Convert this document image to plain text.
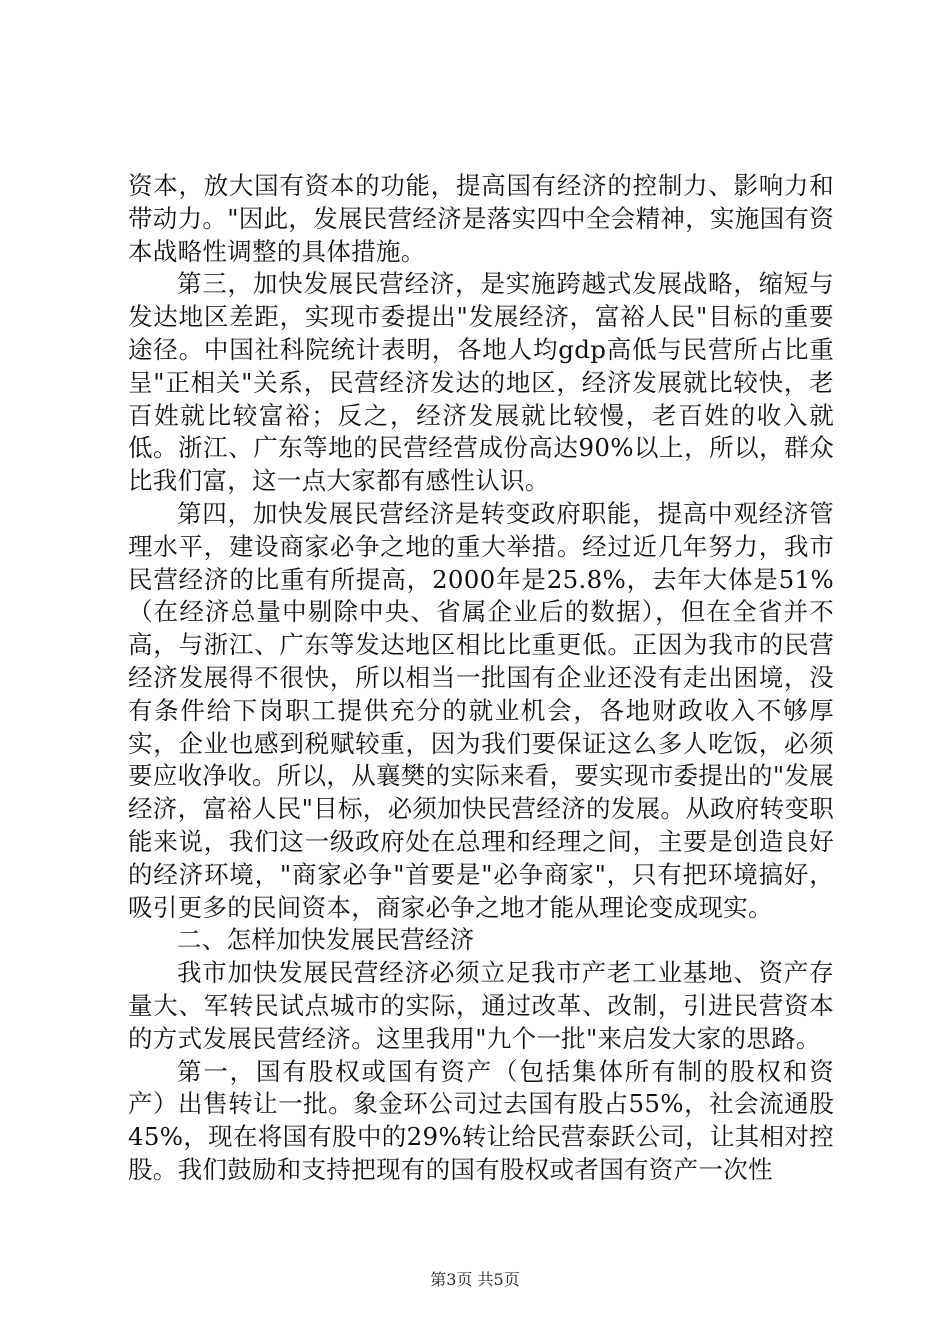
资本，放大国有资本的功能，提高国有经济的控制力、影响力和带动力。"因此，发展民营经济是落实四中全会精神，实施国有资本战略性调整的具体措施。

第三，加快发展民营经济，是实施跨越式发展战略，缩短与发达地区差距，实现市委提出"发展经济，富裕人民"目标的重要途径。中国社科院统计表明，各地人均gdp高低与民营所占比重呈"正相关"关系，民营经济发达的地区，经济发展就比较快，老百姓就比较富裕；反之，经济发展就比较慢，老百姓的收入就低。浙江、广东等地的民营经营成份高达90%以上，所以，群众比我们富，这一点大家都有感性认识。

第四，加快发展民营经济是转变政府职能，提高中观经济管理水平，建设商家必争之地的重大举措。经过近几年努力，我市民营经济的比重有所提高，2000年是25.8%，去年大体是51%（在经济总量中剔除中央、省属企业后的数据），但在全省并不高，与浙江、广东等发达地区相比比重更低。正因为我市的民营经济发展得不很快，所以相当一批国有企业还没有走出困境，没有条件给下岗职工提供充分的就业机会，各地财政收入不够厚实，企业也感到税赋较重，因为我们要保证这么多人吃饭，必须要应收净收。所以，从襄樊的实际来看，要实现市委提出的"发展经济，富裕人民"目标，必须加快民营经济的发展。从政府转变职能来说，我们这一级政府处在总理和经理之间，主要是创造良好的经济环境，"商家必争"首要是"必争商家"，只有把环境搞好，吸引更多的民间资本，商家必争之地才能从理论变成现实。

二、怎样加快发展民营经济

我市加快发展民营经济必须立足我市产老工业基地、资产存量大、军转民试点城市的实际，通过改革、改制，引进民营资本的方式发展民营经济。这里我用"九个一批"来启发大家的思路。

第一，国有股权或国有资产（包括集体所有制的股权和资产）出售转让一批。象金环公司过去国有股占55%，社会流通股45%，现在将国有股中的29%转让给民营泰跃公司，让其相对控股。我们鼓励和支持把现有的国有股权或者国有资产一次性

第3页 共5页
